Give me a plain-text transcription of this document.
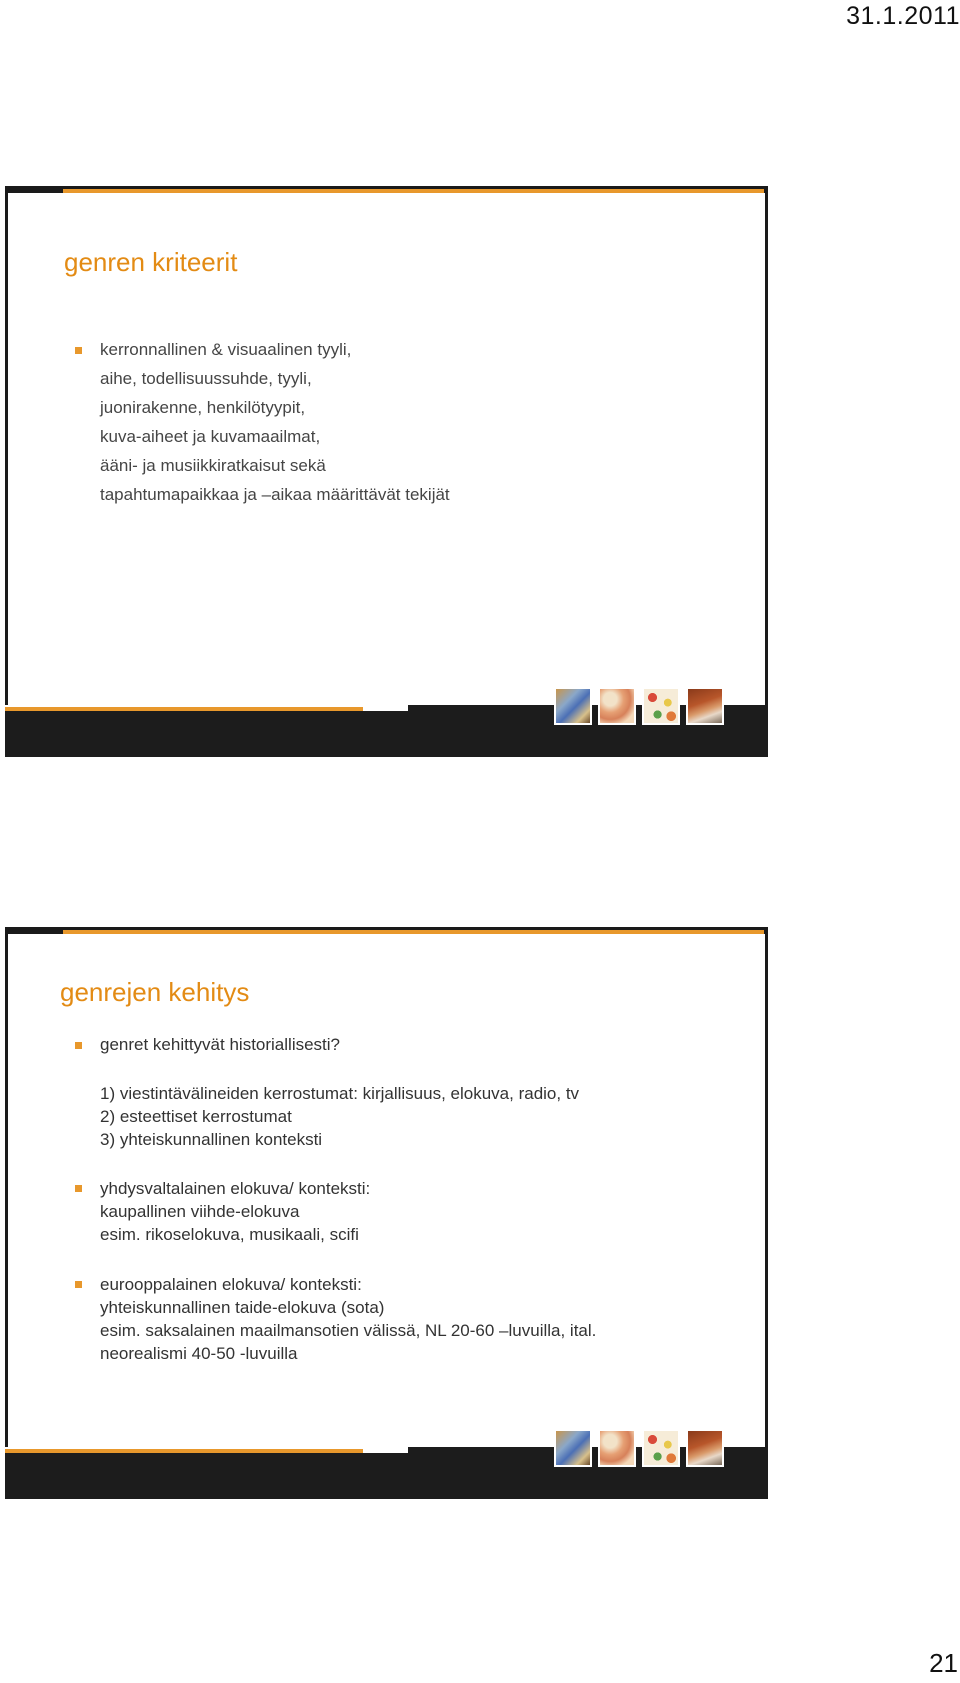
31.1.2011
genren kriteerit
kerronnallinen & visuaalinen tyyli,
aihe, todellisuussuhde, tyyli,
juonirakenne, henkilötyypit,
kuva-aiheet ja kuvamaailmat,
ääni- ja musiikkiratkaisut sekä
tapahtumapaikkaa ja –aikaa määrittävät tekijät
genrejen kehitys
genret kehittyvät historiallisesti?
1) viestintävälineiden kerrostumat: kirjallisuus, elokuva, radio, tv
2) esteettiset kerrostumat
3) yhteiskunnallinen konteksti
yhdysvaltalainen elokuva/ konteksti:
kaupallinen viihde-elokuva
esim. rikoselokuva, musikaali, scifi
eurooppalainen elokuva/ konteksti:
yhteiskunnallinen taide-elokuva (sota)
esim. saksalainen maailmansotien välissä, NL 20-60 –luvuilla, ital.
neorealismi 40-50 -luvuilla
21
